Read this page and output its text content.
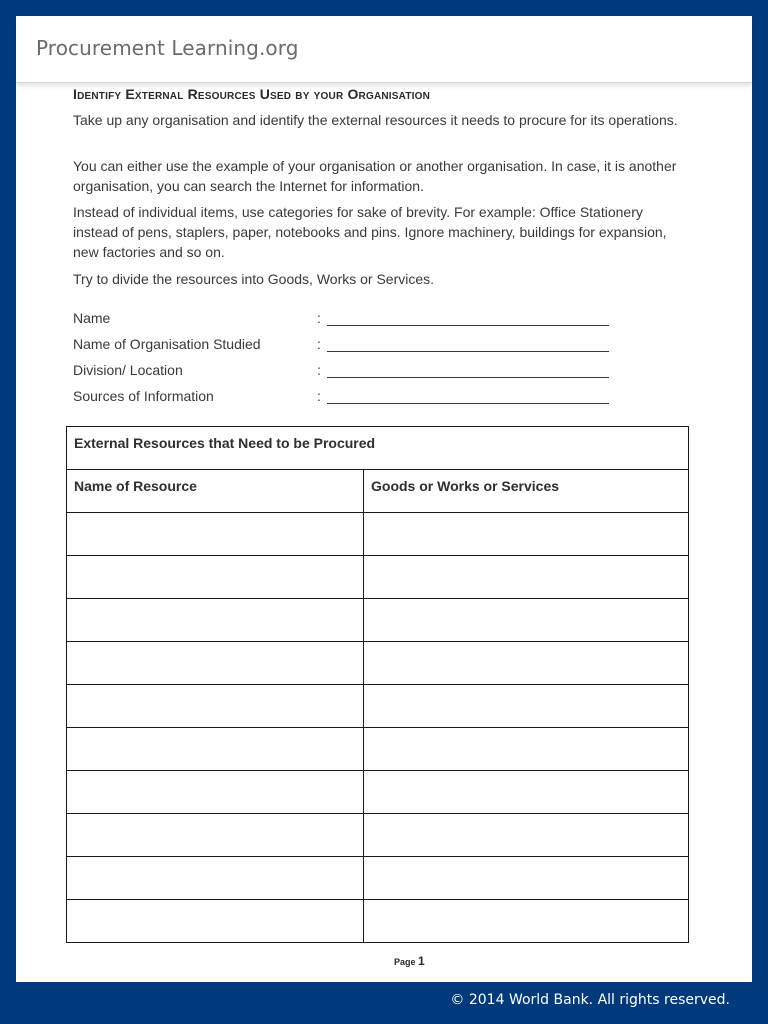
Procurement Learning.org
Identify External Resources Used by your Organisation

Take up any organisation and identify the external resources it needs to procure for its operations.

You can either use the example of your organisation or another organisation. In case, it is another organisation, you can search the Internet for information.

Instead of individual items, use categories for sake of brevity. For example: Office Stationery instead of pens, staplers, paper, notebooks and pins. Ignore machinery, buildings for expansion, new factories and so on.

Try to divide the resources into Goods, Works or Services.

Name	:
Name of Organisation Studied	:
Division/ Location	:
Sources of Information	:
External Resources that Need to be Procured	
Name of Resource	Goods or Works or Services

Page 1
© 2014 World Bank. All rights reserved.
